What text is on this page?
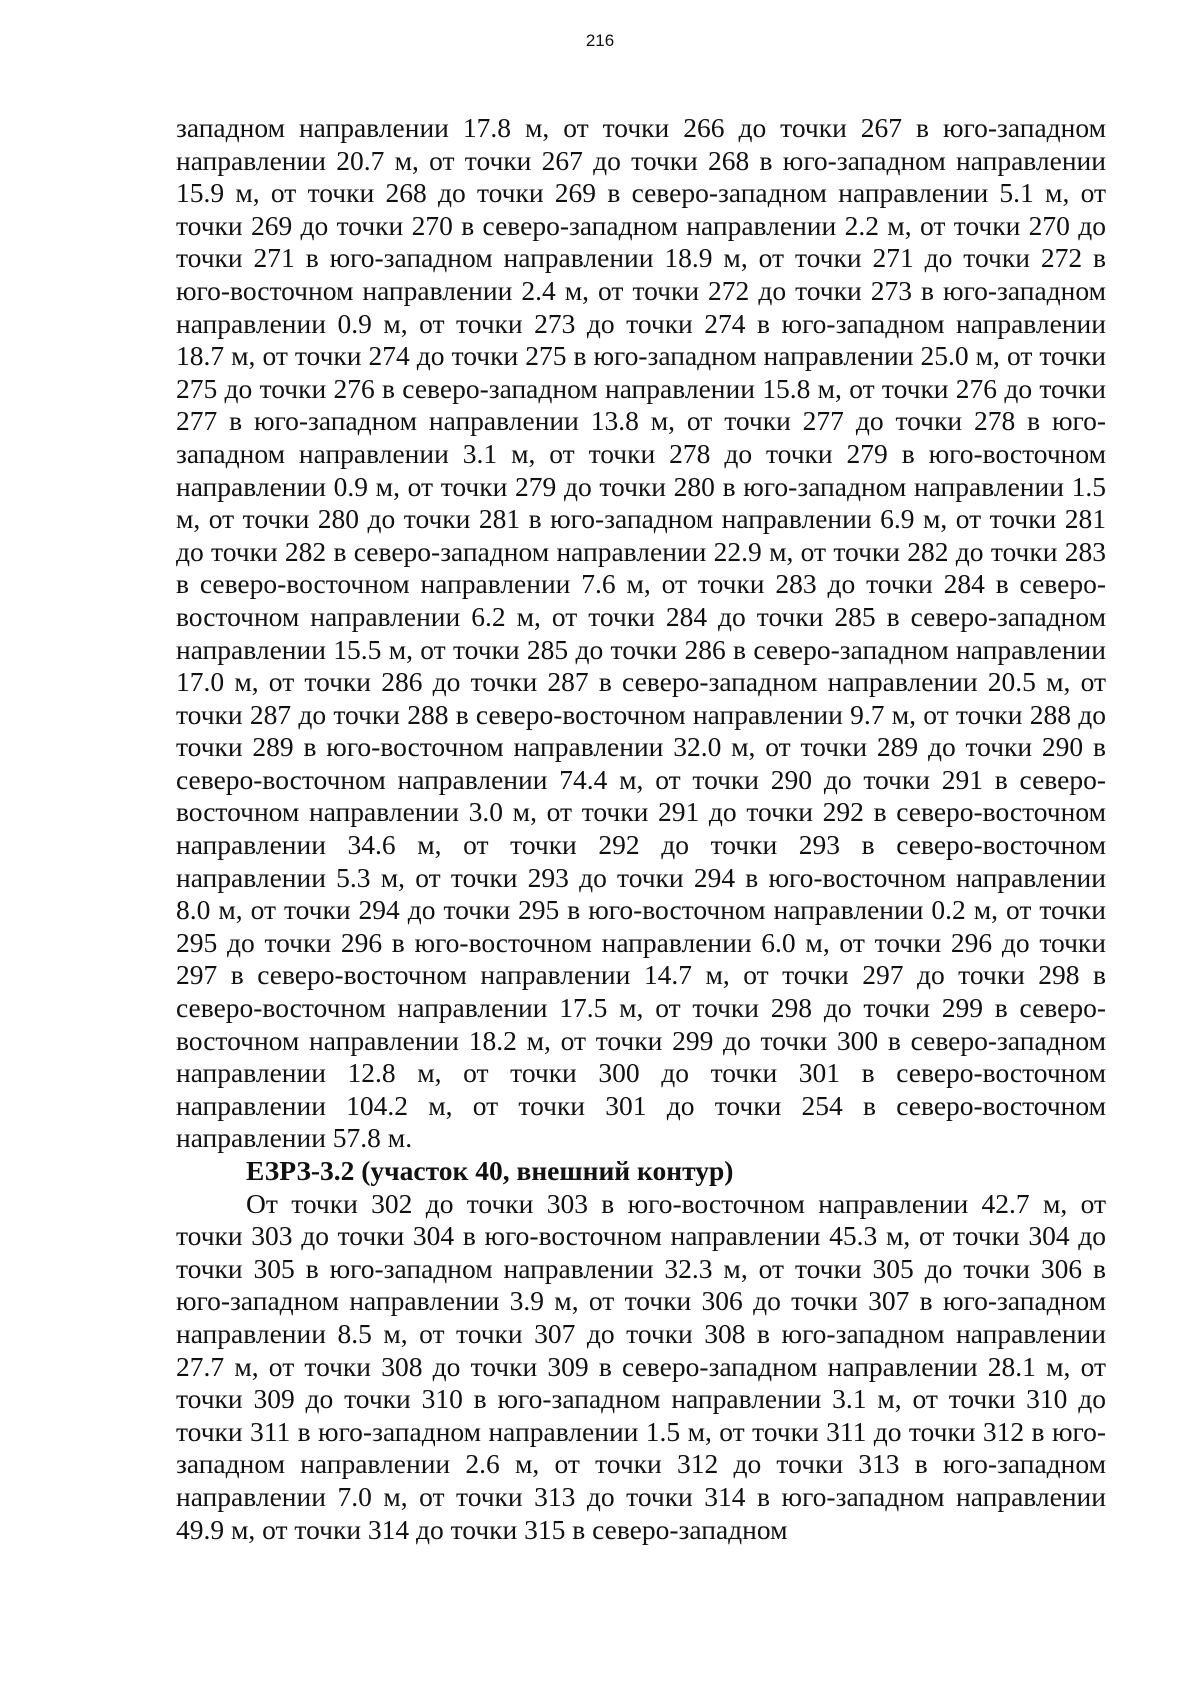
216

западном направлении 17.8 м, от точки 266 до точки 267 в юго-западном направлении 20.7 м, от точки 267 до точки 268 в юго-западном направлении 15.9 м, от точки 268 до точки 269 в северо-западном направлении 5.1 м, от точки 269 до точки 270 в северо-западном направлении 2.2 м, от точки 270 до точки 271 в юго-западном направлении 18.9 м, от точки 271 до точки 272 в юго-восточном направлении 2.4 м, от точки 272 до точки 273 в юго-западном направлении 0.9 м, от точки 273 до точки 274 в юго-западном направлении 18.7 м, от точки 274 до точки 275 в юго-западном направлении 25.0 м, от точки 275 до точки 276 в северо-западном направлении 15.8 м, от точки 276 до точки 277 в юго-западном направлении 13.8 м, от точки 277 до точки 278 в юго-западном направлении 3.1 м, от точки 278 до точки 279 в юго-восточном направлении 0.9 м, от точки 279 до точки 280 в юго-западном направлении 1.5 м, от точки 280 до точки 281 в юго-западном направлении 6.9 м, от точки 281 до точки 282 в северо-западном направлении 22.9 м, от точки 282 до точки 283 в северо-восточном направлении 7.6 м, от точки 283 до точки 284 в северо-восточном направлении 6.2 м, от точки 284 до точки 285 в северо-западном направлении 15.5 м, от точки 285 до точки 286 в северо-западном направлении 17.0 м, от точки 286 до точки 287 в северо-западном направлении 20.5 м, от точки 287 до точки 288 в северо-восточном направлении 9.7 м, от точки 288 до точки 289 в юго-восточном направлении 32.0 м, от точки 289 до точки 290 в северо-восточном направлении 74.4 м, от точки 290 до точки 291 в северо-восточном направлении 3.0 м, от точки 291 до точки 292 в северо-восточном направлении 34.6 м, от точки 292 до точки 293 в северо-восточном направлении 5.3 м, от точки 293 до точки 294 в юго-восточном направлении 8.0 м, от точки 294 до точки 295 в юго-восточном направлении 0.2 м, от точки 295 до точки 296 в юго-восточном направлении 6.0 м, от точки 296 до точки 297 в северо-восточном направлении 14.7 м, от точки 297 до точки 298 в северо-восточном направлении 17.5 м, от точки 298 до точки 299 в северо-восточном направлении 18.2 м, от точки 299 до точки 300 в северо-западном направлении 12.8 м, от точки 300 до точки 301 в северо-восточном направлении 104.2 м, от точки 301 до точки 254 в северо-восточном направлении 57.8 м.

ЕЗРЗ-3.2 (участок 40, внешний контур)

От точки 302 до точки 303 в юго-восточном направлении 42.7 м, от точки 303 до точки 304 в юго-восточном направлении 45.3 м, от точки 304 до точки 305 в юго-западном направлении 32.3 м, от точки 305 до точки 306 в юго-западном направлении 3.9 м, от точки 306 до точки 307 в юго-западном направлении 8.5 м, от точки 307 до точки 308 в юго-западном направлении 27.7 м, от точки 308 до точки 309 в северо-западном направлении 28.1 м, от точки 309 до точки 310 в юго-западном направлении 3.1 м, от точки 310 до точки 311 в юго-западном направлении 1.5 м, от точки 311 до точки 312 в юго-западном направлении 2.6 м, от точки 312 до точки 313 в юго-западном направлении 7.0 м, от точки 313 до точки 314 в юго-западном направлении 49.9 м, от точки 314 до точки 315 в северо-западном
